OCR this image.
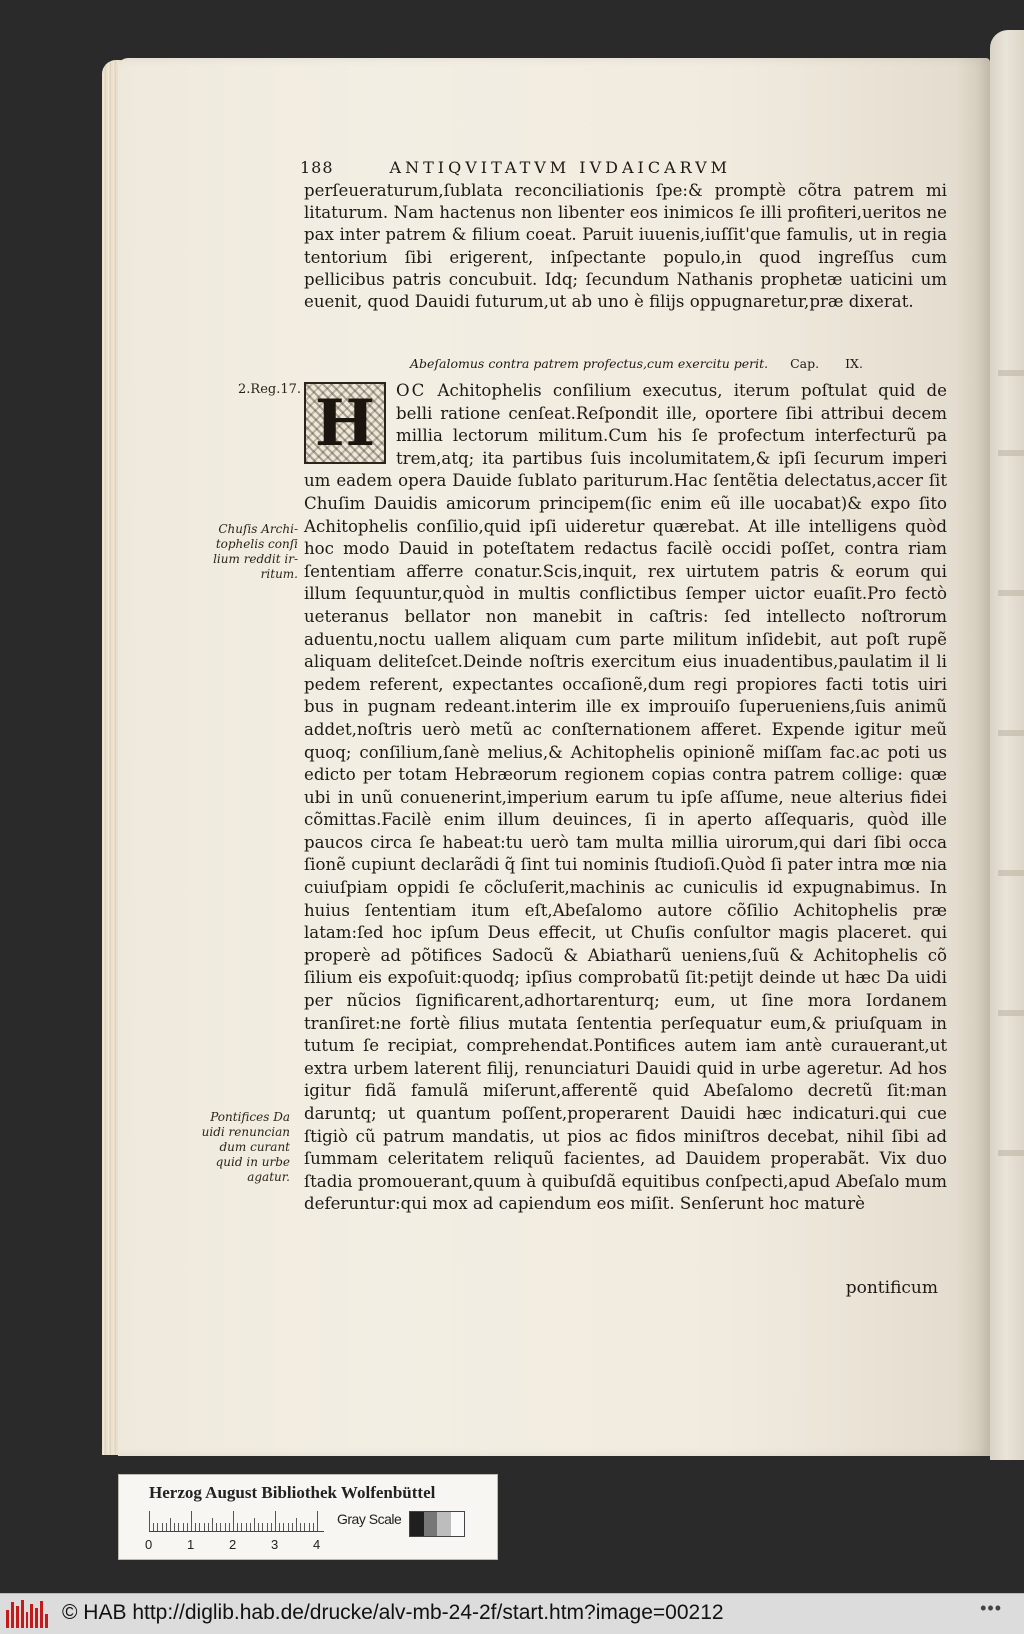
188	ANTIQVITATVM IVDAICARVM
perſeueraturum,ſublata reconciliationis ſpe:& promptè cõtra patrem mi litaturum. Nam hactenus non libenter eos inimicos ſe illi profiteri,ueritos ne pax inter patrem & filium coeat. Paruit iuuenis,iuſſit'que famulis, ut in regia tentorium ſibi erigerent, inſpectante populo,in quod ingreſſus cum pellicibus patris concubuit. Idq; ſecundum Nathanis prophetæ uaticini um euenit, quod Dauidi futurum,ut ab uno è filijs oppugnaretur,præ dixerat.
Abeſalomus contra patrem profectus,cum exercitu perit. Cap. IX.
H	OC Achitophelis conſilium executus, iterum poſtulat quid de belli ratione cenſeat.Reſpondit ille, oportere ſibi attribui decem millia lectorum militum.Cum his ſe profectum interfecturũ pa trem,atq; ita partibus ſuis incolumitatem,& ipſi ſecurum imperi um eadem opera Dauide ſublato pariturum.Hac ſentẽtia delectatus,accer ſit Chuſim Dauidis amicorum principem(ſic enim eũ ille uocabat)& expo ſito Achitophelis conſilio,quid ipſi uideretur quærebat. At ille intelligens quòd hoc modo Dauid in poteſtatem redactus facilè occidi poſſet, contra riam ſententiam afferre conatur.Scis,inquit, rex uirtutem patris & eorum qui illum ſequuntur,quòd in multis conflictibus ſemper uictor euaſit.Pro fectò ueteranus bellator non manebit in caſtris: ſed intellecto noſtrorum aduentu,noctu uallem aliquam cum parte militum inſidebit, aut poſt rupẽ aliquam deliteſcet.Deinde noſtris exercitum eius inuadentibus,paulatim il li pedem referent, expectantes occaſionẽ,dum regi propiores facti totis uiri bus in pugnam redeant.interim ille ex improuiſo ſuperueniens,ſuis animũ addet,noſtris uerò metũ ac conſternationem afferet. Expende igitur meũ quoq; conſilium,ſanè melius,& Achitophelis opinionẽ miſſam fac.ac poti us edicto per totam Hebræorum regionem copias contra patrem collige: quæ ubi in unũ conuenerint,imperium earum tu ipſe aſſume, neue alterius fidei cõmittas.Facilè enim illum deuinces, ſi in aperto aſſequaris, quòd ille paucos circa ſe habeat:tu uerò tam multa millia uirorum,qui dari ſibi occa ſionẽ cupiunt declarãdi q̃ ſint tui nominis ſtudioſi.Quòd ſi pater intra mœ nia cuiuſpiam oppidi ſe cõcluſerit,machinis ac cuniculis id expugnabimus. In huius ſententiam itum eſt,Abeſalomo autore cõſilio Achitophelis præ latam:ſed hoc ipſum Deus effecit, ut Chuſis conſultor magis placeret. qui properè ad põtifices Sadocũ & Abiatharũ ueniens,ſuũ & Achitophelis cõ ſilium eis expoſuit:quodq; ipſius comprobatũ ſit:petijt deinde ut hæc Da uidi per nũcios ſignificarent,adhortarenturq; eum, ut ſine mora Iordanem tranſiret:ne fortè filius mutata ſententia perſequatur eum,& priuſquam in tutum ſe recipiat, comprehendat.Pontifices autem iam antè curauerant,ut extra urbem laterent filij, renunciaturi Dauidi quid in urbe ageretur. Ad hos igitur fidã famulã miſerunt,afferentẽ quid Abeſalomo decretũ ſit:man daruntq; ut quantum poſſent,properarent Dauidi hæc indicaturi.qui cue ſtigiò cũ patrum mandatis, ut pios ac fidos miniſtros decebat, nihil ſibi ad ſummam celeritatem reliquũ facientes, ad Dauidem properabãt. Vix duo ſtadia promouerant,quum à quibuſdã equitibus conſpecti,apud Abeſalo mum deferuntur:qui mox ad capiendum eos miſit. Senſerunt hoc maturè
2.Reg.17.
Chuſis Archi- tophelis conſi lium reddit ir- ritum.
Pontifices Da uidi renuncian dum curant quid in urbe agatur.
pontificum
Herzog August Bibliothek Wolfenbüttel
0	1	2	3	4
Gray Scale
© HAB http://diglib.hab.de/drucke/alv-mb-24-2f/start.htm?image=00212	•••
